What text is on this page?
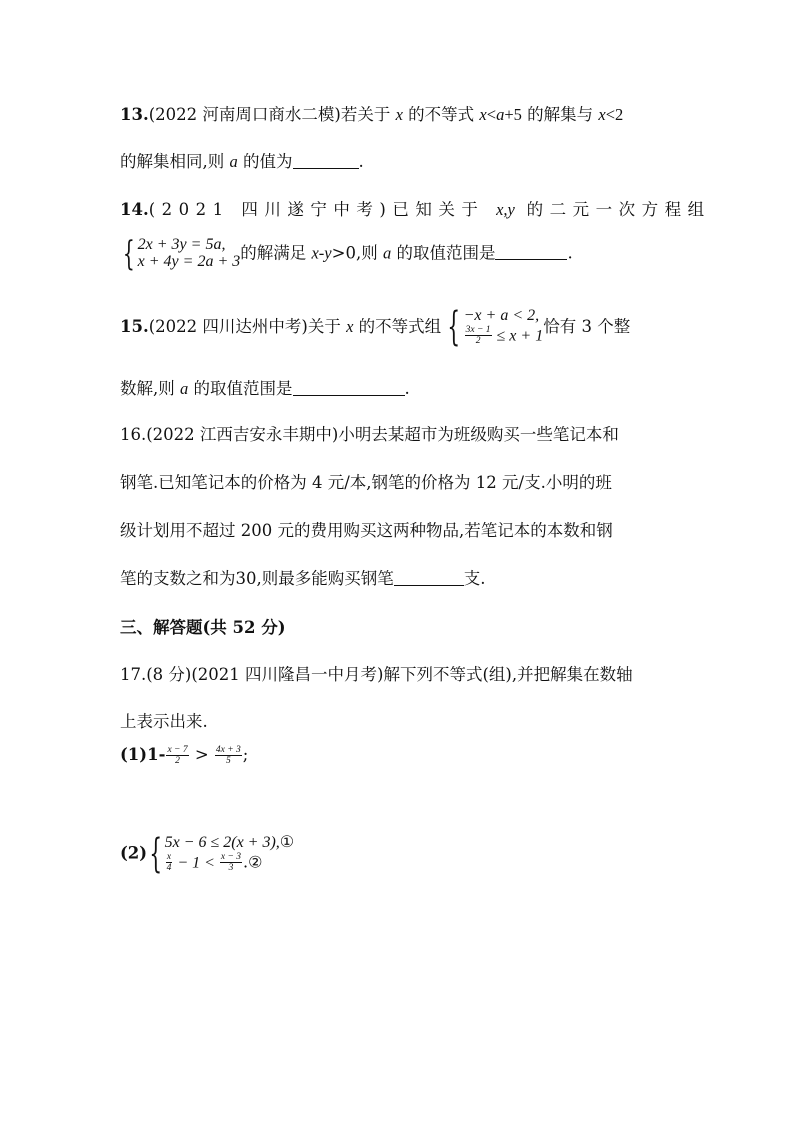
13.(2022 河南周口商水二模)若关于 x 的不等式 x<a+5 的解集与 x<2
的解集相同,则 a 的值为	.
14.(2021 四川遂宁中考)已知关于 x,y 的二元一次方程组
{ 2x + 3y = 5a,
x + 4y = 2a + 3 的解满足 x-y>0,则 a 的取值范围是	.
15.(2022 四川达州中考)关于 x 的不等式组 { −x + a < 2,
$\frac{3x - 1}{2} \le x + 1$ 恰有 3 个整
数解,则 a 的取值范围是	.
16.(2022 江西吉安永丰期中)小明去某超市为班级购买一些笔记本和
钢笔.已知笔记本的价格为 4 元/本,钢笔的价格为 12 元/支.小明的班
级计划用不超过 200 元的费用购买这两种物品,若笔记本的本数和钢
笔的支数之和为30,则最多能购买钢笔	支.
三、解答题(共 52 分)
17.(8 分)(2021 四川隆昌一中月考)解下列不等式(组),并把解集在数轴
上表示出来.
$(1)1- \frac{x - 7}{2} > \frac{4x + 3}{5}$ ;
(2){ 5x − 6 ≤ 2(x + 3),①
$\frac{x}{4} - 1 < \frac{x - 3}{3}$ .②
